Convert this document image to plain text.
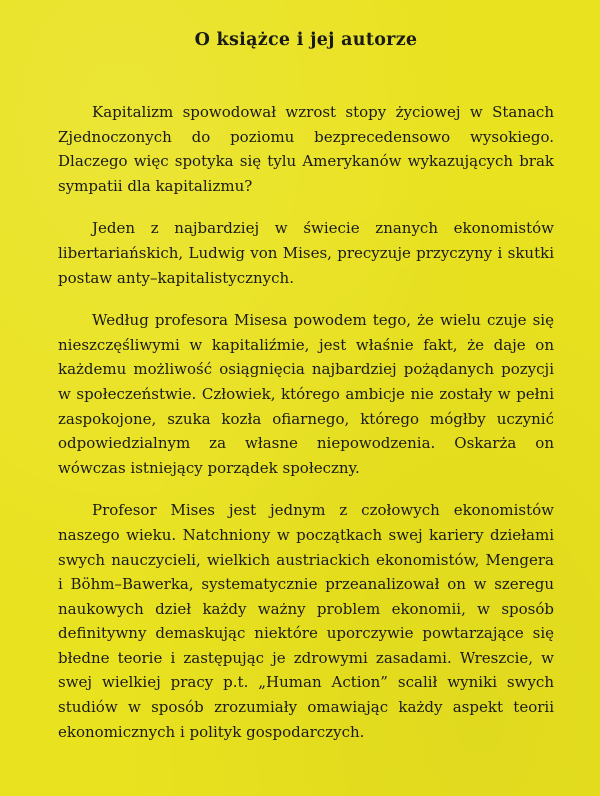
O książce i jej autorze

Kapitalizm spowodował wzrost stopy życiowej w Stanach Zjednoczonych do poziomu bezprecedensowo wysokiego. Dlaczego więc spotyka się tylu Amerykanów wykazujących brak sympatii dla kapitalizmu?

Jeden z najbardziej w świecie znanych ekonomistów libertariańskich, Ludwig von Mises, precyzuje przyczyny i skutki postaw anty–kapitalistycznych.

Według profesora Misesa powodem tego, że wielu czuje się nieszczęśliwymi w kapitaliźmie, jest właśnie fakt, że daje on każdemu możliwość osiągnięcia najbardziej pożądanych pozycji w społeczeństwie. Człowiek, którego ambicje nie zostały w pełni zaspokojone, szuka kozła ofiarnego, którego mógłby uczynić odpowiedzialnym za własne niepowodzenia. Oskarża on wówczas istniejący porządek społeczny.

Profesor Mises jest jednym z czołowych ekonomistów naszego wieku. Natchniony w początkach swej kariery dziełami swych nauczycieli, wielkich austriackich ekonomistów, Mengera i Böhm–Bawerka, systematycznie przeanalizował on w szeregu naukowych dzieł każdy ważny problem ekonomii, w sposób definitywny demaskując niektóre uporczywie powtarzające się błedne teorie i zastępując je zdrowymi zasadami. Wreszcie, w swej wielkiej pracy p.t. „Human Action” scalił wyniki swych studiów w sposób zrozumiały omawiając każdy aspekt teorii ekonomicznych i polityk gospodarczych.
